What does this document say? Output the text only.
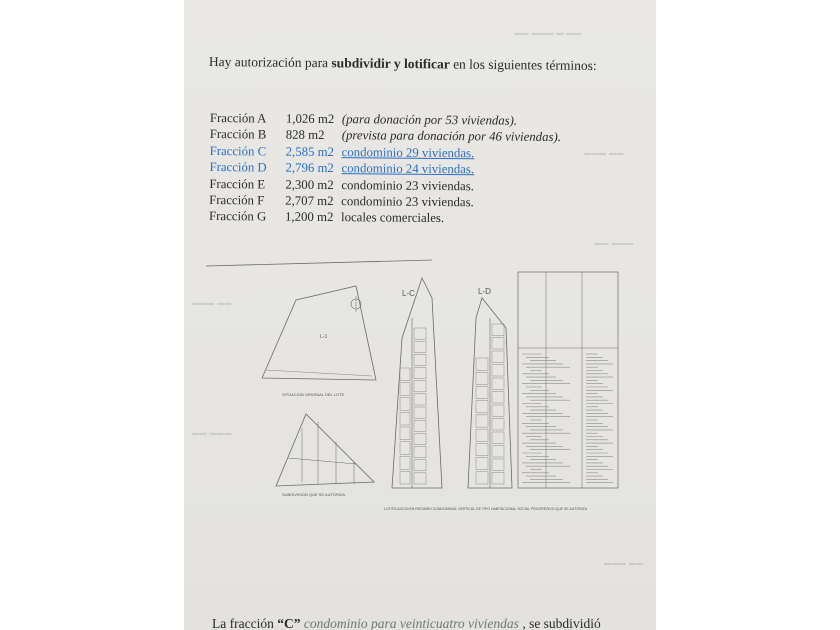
▬▬ ▬▬▬ ▬ ▬▬
▬▬▬ ▬▬
▬▬ ▬▬▬
▬▬▬ ▬▬
▬▬ ▬▬▬
▬▬▬ ▬▬
Hay autorización para subdividir y lotificar en los siguientes términos:
Fracción A 1,026 m2 (para donación por 53 viviendas).
Fracción B 828 m2 (prevista para donación por 46 viviendas).
Fracción C 2,585 m2 condominio 29 viviendas.
Fracción D 2,796 m2 condominio 24 viviendas.
Fracción E 2,300 m2 condominio 23 viviendas.
Fracción F 2,707 m2 condominio 23 viviendas.
Fracción G 1,200 m2 locales comerciales.
L-C	L-D
L-1
SITUACION ORIGINAL DEL LOTE
SUBDIVISION QUE SE AUTORIZA
LOTIFICACION EN REGIMEN CONDOMINIAL VERTICAL DE TIPO HABITACIONAL SOCIAL PROGRESIVO QUE SE AUTORIZA
La fracción “C” condominio para veinticuatro viviendas , se subdividió
